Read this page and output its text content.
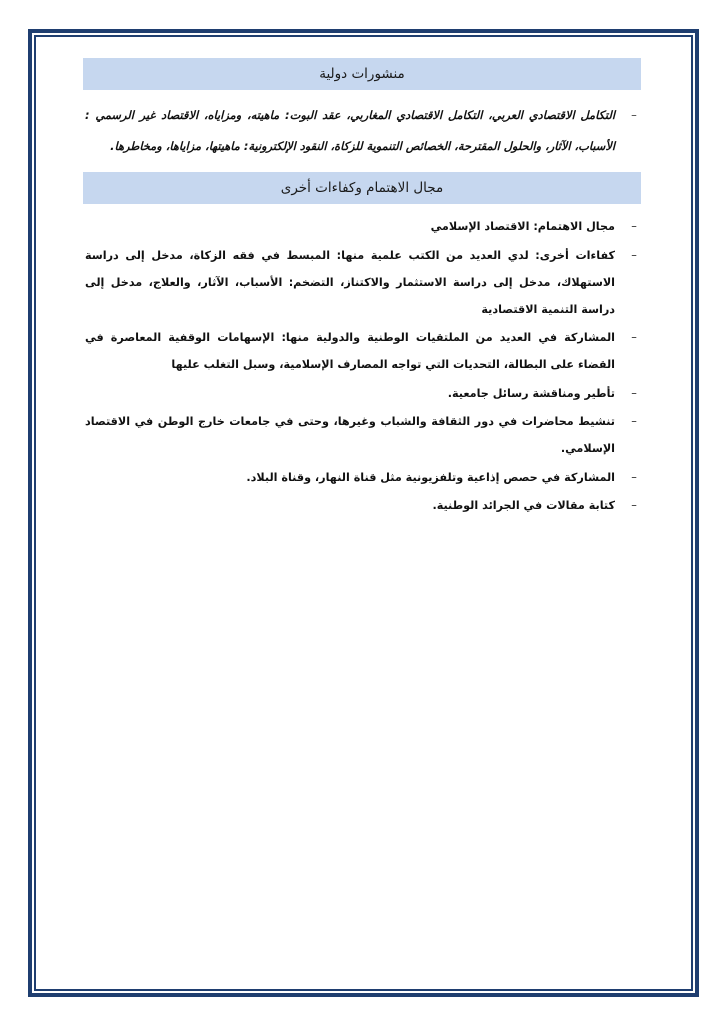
منشورات دولية
–
التكامل الاقتصادي العربي، التكامل الاقتصادي المغاربي، عقد البوت: ماهيته، ومزاياه، الاقتصاد غير الرسمي : الأسباب، الآثار، والحلول المقترحة، الخصائص التنموية للزكاة، النقود الإلكترونية: ماهيتها، مزاياها، ومخاطرها.
مجال الاهتمام وكفاءات أخرى
–
مجال الاهتمام: الاقتصاد الإسلامي
–
كفاءات أخرى: لدي العديد من الكتب علمية منها: المبسط في فقه الزكاة، مدخل إلى دراسة الاستهلاك، مدخل إلى دراسة الاستثمار والاكتناز، التضخم: الأسباب، الآثار، والعلاج، مدخل إلى دراسة التنمية الاقتصادية
–
المشاركة في العديد من الملتقيات الوطنية والدولية منها: الإسهامات الوقفية المعاصرة في القضاء على البطالة، التحديات التي تواجه المصارف الإسلامية، وسبل التغلب عليها
–
تأطير ومناقشة رسائل جامعية.
–
تنشيط محاضرات في دور الثقافة والشباب وغيرها، وحتى في جامعات خارج الوطن في الاقتصاد الإسلامي.
–
المشاركة في حصص إذاعية وتلفزيونية مثل قناة النهار، وقناة البلاد.
–
كتابة مقالات في الجرائد الوطنية.
